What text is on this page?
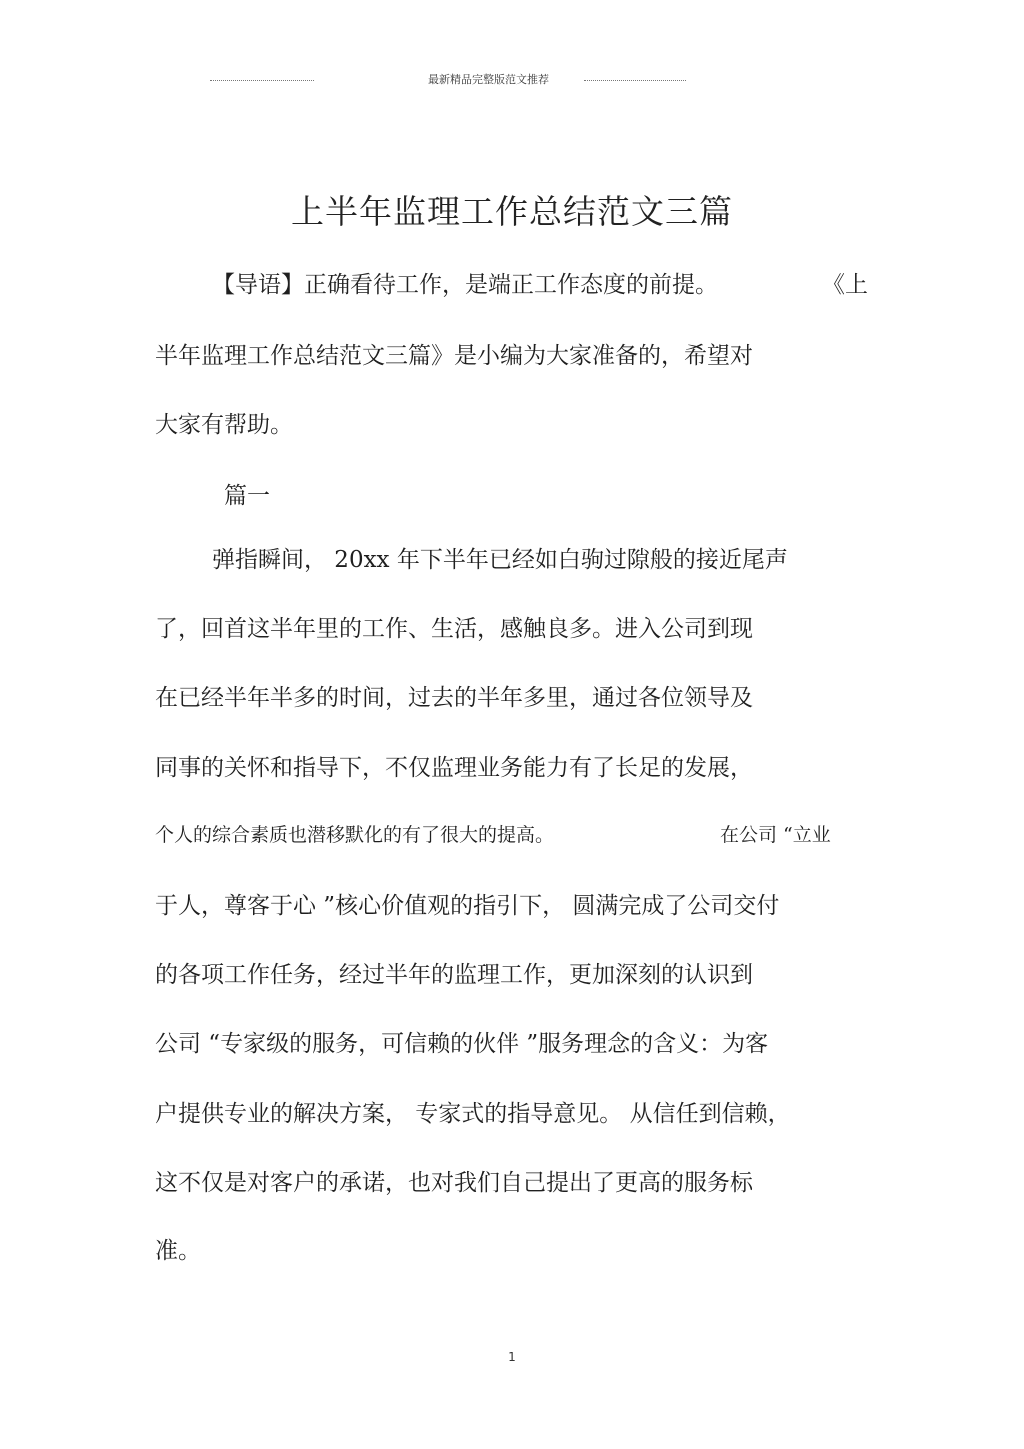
最新精品完整版范文推荐
上半年监理工作总结范文三篇
【导语】正确看待工作，是端正工作态度的前提。	《上
半年监理工作总结范文三篇》是小编为大家准备的，希望对
大家有帮助。
篇一
弹指瞬间， 20xx 年下半年已经如白驹过隙般的接近尾声
了，回首这半年里的工作、生活，感触良多。进入公司到现
在已经半年半多的时间，过去的半年多里，通过各位领导及
同事的关怀和指导下，不仅监理业务能力有了长足的发展，
个人的综合素质也潜移默化的有了很大的提高。	在公司 “立业
于人，尊客于心 ”核心价值观的指引下， 圆满完成了公司交付
的各项工作任务，经过半年的监理工作，更加深刻的认识到
公司 “专家级的服务，可信赖的伙伴 ”服务理念的含义：为客
户提供专业的解决方案， 专家式的指导意见。 从信任到信赖，
这不仅是对客户的承诺，也对我们自己提出了更高的服务标
准。
1
